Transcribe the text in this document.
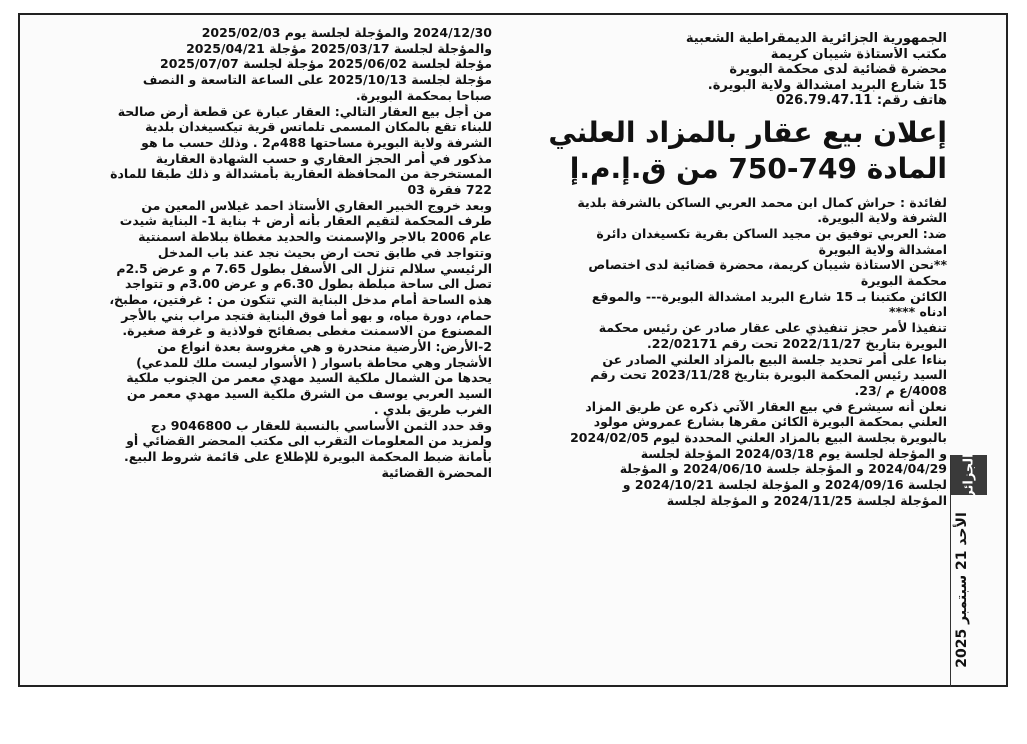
الجمهورية الجزائرية الديمقراطية الشعبية
مكتب الأستاذة شيبان كريمة
محضرة قضائية لدى محكمة البويرة
15 شارع البريد امشدالة ولاية البويرة.
هاتف رقم: 026.79.47.11
إعلان بيع عقار بالمزاد العلني
المادة 749-750 من ق.إ.م.إ
لفائدة : حراش كمال ابن محمد العربي الساكن بالشرفة بلدية
الشرفة ولاية البويرة.
ضد: العربي توفيق بن مجيد الساكن بقرية تكسيغدان دائرة
امشدالة ولاية البويرة
**نحن الاستاذة شيبان كريمة، محضرة قضائية لدى اختصاص
محكمة البويرة
الكائن مكتبنا بـ 15 شارع البريد امشدالة البويرة--- والموقع
ادناه ****
تنفيذا لأمر حجز تنفيذي على عقار صادر عن رئيس محكمة
البويرة بتاريخ 2022/11/27 تحت رقم 22/02171.
بناءا على أمر تحديد جلسة البيع بالمزاد العلني الصادر عن
السيد رئيس المحكمة البويرة بتاريخ 2023/11/28 تحت رقم
4008/ع م /23.
نعلن أنه سيشرع في بيع العقار الآتي ذكره عن طريق المزاد
العلني بمحكمة البويرة الكائن مقرها بشارع عمروش مولود
بالبويرة بجلسة البيع بالمزاد العلني المحددة ليوم 2024/02/05
و المؤجلة لجلسة يوم 2024/03/18 المؤجلة لجلسة
2024/04/29 و المؤجلة جلسة 2024/06/10 و المؤجلة
لجلسة 2024/09/16 و المؤجلة لجلسة 2024/10/21 و
المؤجلة لجلسة 2024/11/25 و المؤجلة لجلسة
2024/12/30 والمؤجلة لجلسة يوم 2025/02/03
والمؤجلة لجلسة 2025/03/17 مؤجلة 2025/04/21
مؤجلة لجلسة 2025/06/02 مؤجلة لجلسة 2025/07/07
مؤجلة لجلسة 2025/10/13 على الساعة التاسعة و النصف
صباحا بمحكمة البويرة.
من أجل بيع العقار التالي: العقار عبارة عن قطعة أرض صالحة
للبناء تقع بالمكان المسمى تلماتس قرية تيكسيغدان بلدية
الشرفة ولاية البويرة مساحتها 488م2 . وذلك حسب ما هو
مذكور في أمر الحجز العقاري و حسب الشهادة العقارية
المستخرجة من المحافظة العقارية بأمشدالة و ذلك طبقا للمادة
722 فقرة 03
وبعد خروج الخبير العقاري الأستاذ احمد غيلاس المعين من
طرف المحكمة لتقيم العقار بأنه أرض + بناية 1- البناية شيدت
عام 2006 بالاجر والإسمنت والحديد مغطاة ببلاطة اسمنتية
وتتواجد في طابق تحت ارض بحيث نجد عند باب المدخل
الرئيسي سلالم تنزل الى الأسفل بطول 7.65 م و عرض 2.5م
تصل الى ساحة مبلطة بطول 6.30م و عرض 3.00م و تتواجد
هذه الساحة أمام مدخل البناية التي تتكون من : غرفتين، مطبخ،
حمام، دورة مياه، و بهو أما فوق البناية فتجد مراب بني بالأجر
المصنوع من الاسمنت مغطى بصفائح فولاذية و غرفة صغيرة.
2-الأرض: الأرضية منحدرة و هي مغروسة بعدة انواع من
الأشجار وهي محاطة باسوار ( الأسوار ليست ملك للمدعي)
يحدها من الشمال ملكية السيد مهدي معمر من الجنوب ملكية
السيد العربي يوسف من الشرق ملكية السيد مهدي معمر من
الغرب طريق بلدي .
وقد حدد الثمن الأساسي بالنسبة للعقار ب 9046800 دج
ولمزيد من المعلومات التقرب الى مكتب المحضر القضائي أو
بأمانة ضبط المحكمة البويرة للإطلاع على قائمة شروط البيع.
المحضرة القضائية	الجزائر
الأحد 21 سبتمبر 2025
